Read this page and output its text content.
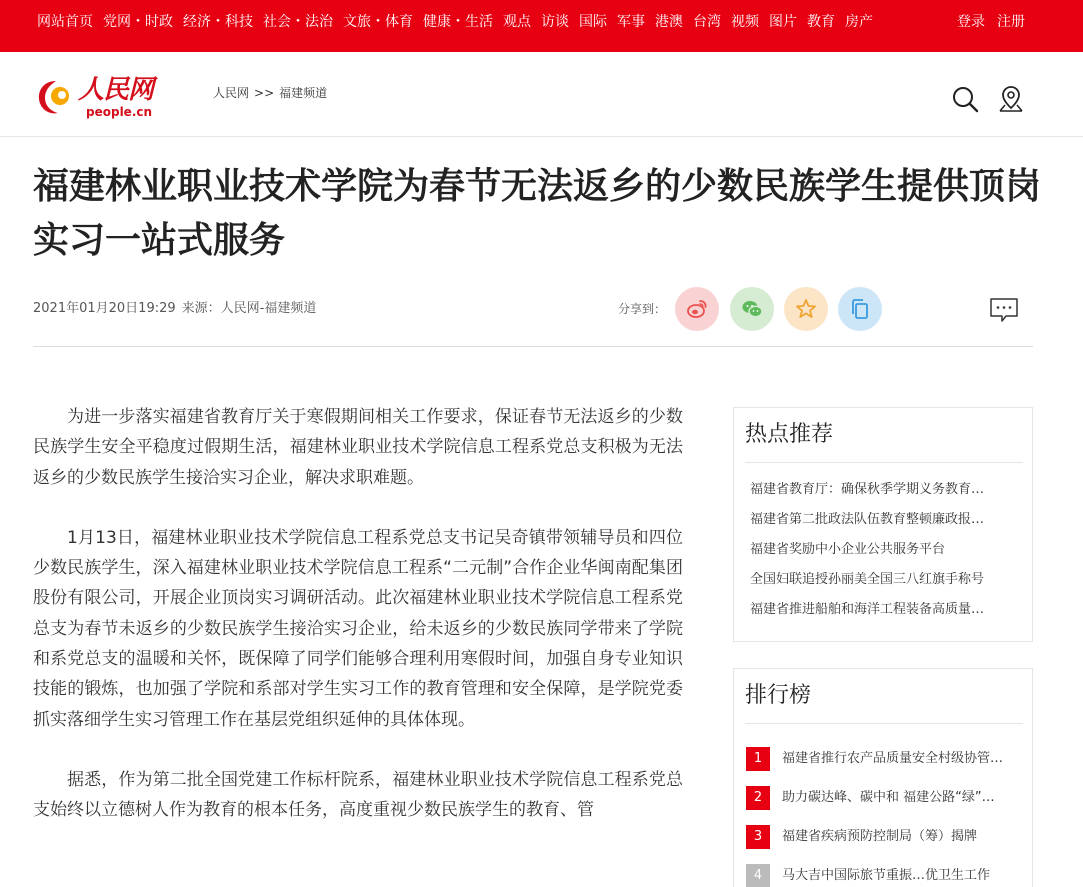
网站首页 党网・时政 经济・科技 社会・法治 文旅・体育 健康・生活 观点 访谈 国际 军事 港澳 台湾 视频 图片 教育 房产	登录 注册
人民网
people.cn
人民网 >> 福建频道
福建林业职业技术学院为春节无法返乡的少数民族学生提供顶岗实习一站式服务
2021年01月20日19:29 来源：人民网-福建频道	分享到：

为进一步落实福建省教育厅关于寒假期间相关工作要求，保证春节无法返乡的少数民族学生安全平稳度过假期生活，福建林业职业技术学院信息工程系党总支积极为无法返乡的少数民族学生接洽实习企业，解决求职难题。

1月13日，福建林业职业技术学院信息工程系党总支书记吴奇镇带领辅导员和四位少数民族学生，深入福建林业职业技术学院信息工程系“二元制”合作企业华闽南配集团股份有限公司，开展企业顶岗实习调研活动。此次福建林业职业技术学院信息工程系党总支为春节未返乡的少数民族学生接洽实习企业，给未返乡的少数民族同学带来了学院和系党总支的温暖和关怀，既保障了同学们能够合理利用寒假时间，加强自身专业知识技能的锻炼，也加强了学院和系部对学生实习工作的教育管理和安全保障，是学院党委抓实落细学生实习管理工作在基层党组织延伸的具体体现。

据悉，作为第二批全国党建工作标杆院系，福建林业职业技术学院信息工程系党总支始终以立德树人作为教育的根本任务，高度重视少数民族学生的教育、管

热点推荐
福建省教育厅：确保秋季学期义务教育…
福建省第二批政法队伍教育整顿廉政报…
福建省奖励中小企业公共服务平台
全国妇联追授孙丽美全国三八红旗手称号
福建省推进船舶和海洋工程装备高质量…
排行榜
1	福建省推行农产品质量安全村级协管…
2	助力碳达峰、碳中和 福建公路“绿”…
3	福建省疾病预防控制局（筹）揭牌
4	马大吉中国际旅节重振…优卫生工作
